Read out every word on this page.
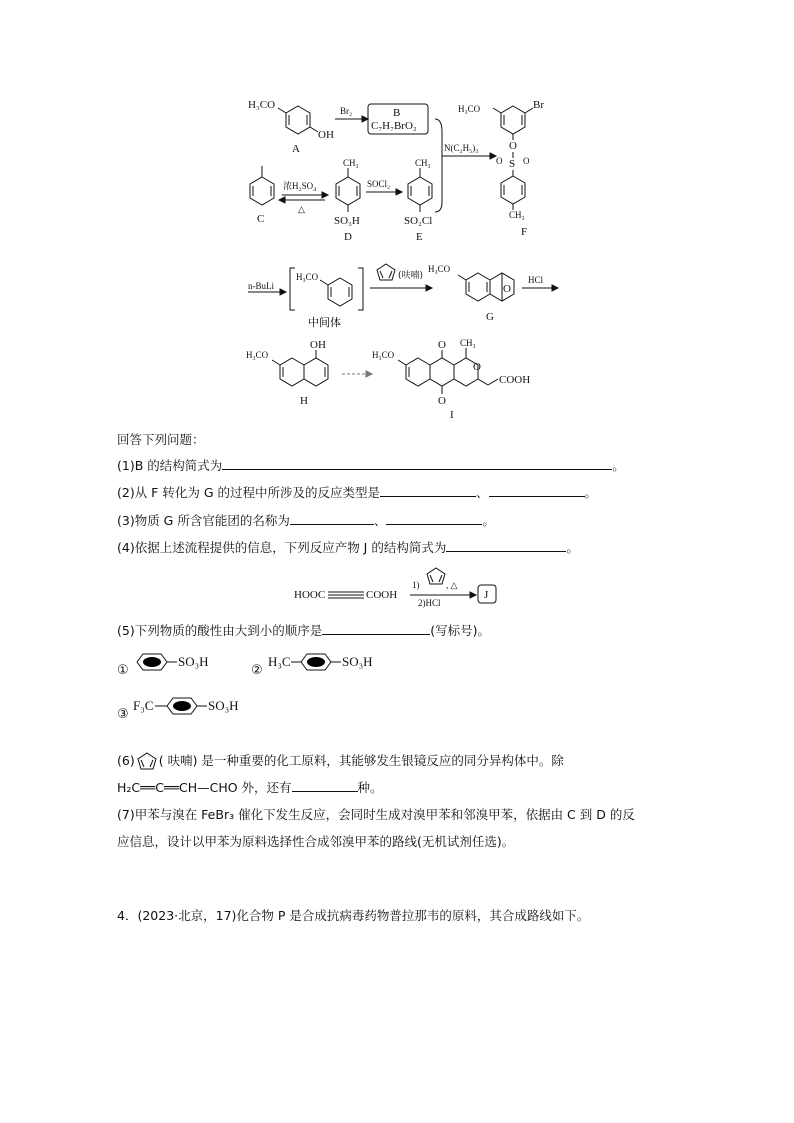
H₃CO
OH
A
Br₂	B
C₇H₇BrO₂
C
浓H₂SO₄
△
CH₃
SO₃H
D
SOCl₂
CH₃
SO₂Cl
E
N(C₂H₅)₃
H₃CO	Br
O
S
O O
CH₃
F
n-BuLi
H₃CO
中间体
(呋喃)
H₃CO
O
G
HCl
H₃CO
OH
H
H₃CO
O
O
CH₃
O
COOH
I
回答下列问题：
(1)B 的结构简式为	。
(2)从 F 转化为 G 的过程中所涉及的反应类型是	、	。
(3)物质 G 所含官能团的名称为	、	。
(4)依据上述流程提供的信息，下列反应产物 J 的结构简式为	。
HOOC	COOH
1)	, △
2)HCl
J
(5)下列物质的酸性由大到小的顺序是	(写标号)。
①
SO₃H
②
H₃C	SO₃H
③
F₃C	SO₃H
(6) ( 呋喃) 是一种重要的化工原料，其能够发生银镜反应的同分异构体中。除
H₂C══C══CH—CHO 外，还有	种。
(7)甲苯与溴在 FeBr₃ 催化下发生反应，会同时生成对溴甲苯和邻溴甲苯，依据由 C 到 D 的反
应信息，设计以甲苯为原料选择性合成邻溴甲苯的路线(无机试剂任选)。
4．(2023·北京，17)化合物 P 是合成抗病毒药物普拉那韦的原料，其合成路线如下。
